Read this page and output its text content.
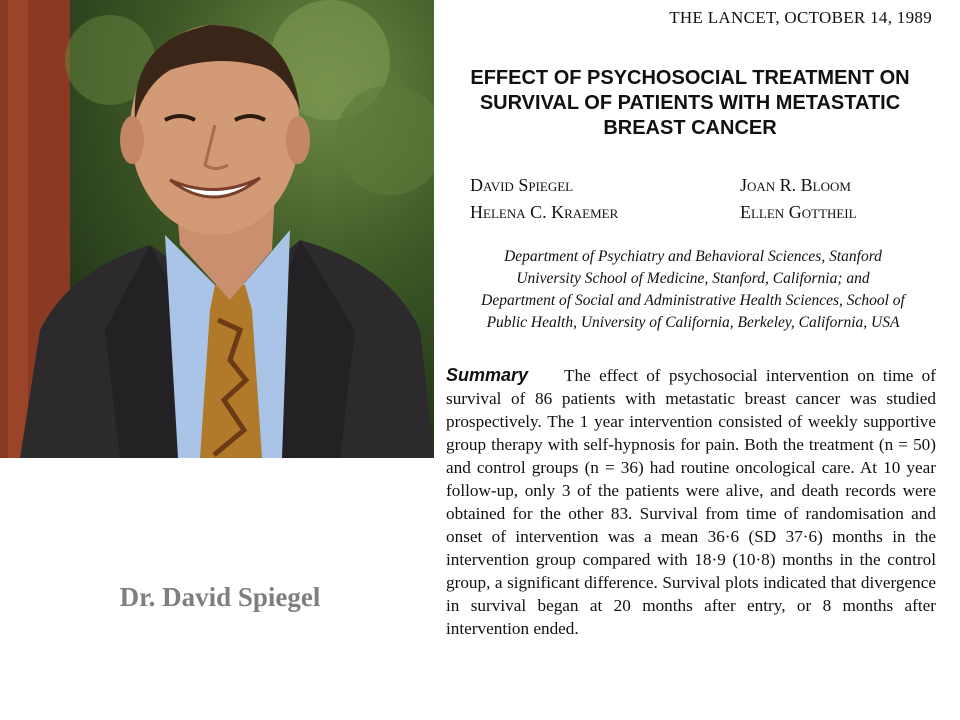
Dr. David Spiegel
THE LANCET, OCTOBER 14, 1989
EFFECT OF PSYCHOSOCIAL TREATMENT ON
SURVIVAL OF PATIENTS WITH METASTATIC
BREAST CANCER
David Spiegel
Helena C. Kraemer
Joan R. Bloom
Ellen Gottheil
Department of Psychiatry and Behavioral Sciences, Stanford
University School of Medicine, Stanford, California; and
Department of Social and Administrative Health Sciences, School of
Public Health, University of California, Berkeley, California, USA
Summary The effect of psychosocial intervention on time of survival of 86 patients with metastatic breast cancer was studied prospectively. The 1 year intervention consisted of weekly supportive group therapy with self-hypnosis for pain. Both the treatment (n = 50) and control groups (n = 36) had routine oncological care. At 10 year follow-up, only 3 of the patients were alive, and death records were obtained for the other 83. Survival from time of randomisation and onset of intervention was a mean 36·6 (SD 37·6) months in the intervention group compared with 18·9 (10·8) months in the control group, a significant difference. Survival plots indicated that divergence in survival began at 20 months after entry, or 8 months after intervention ended.
